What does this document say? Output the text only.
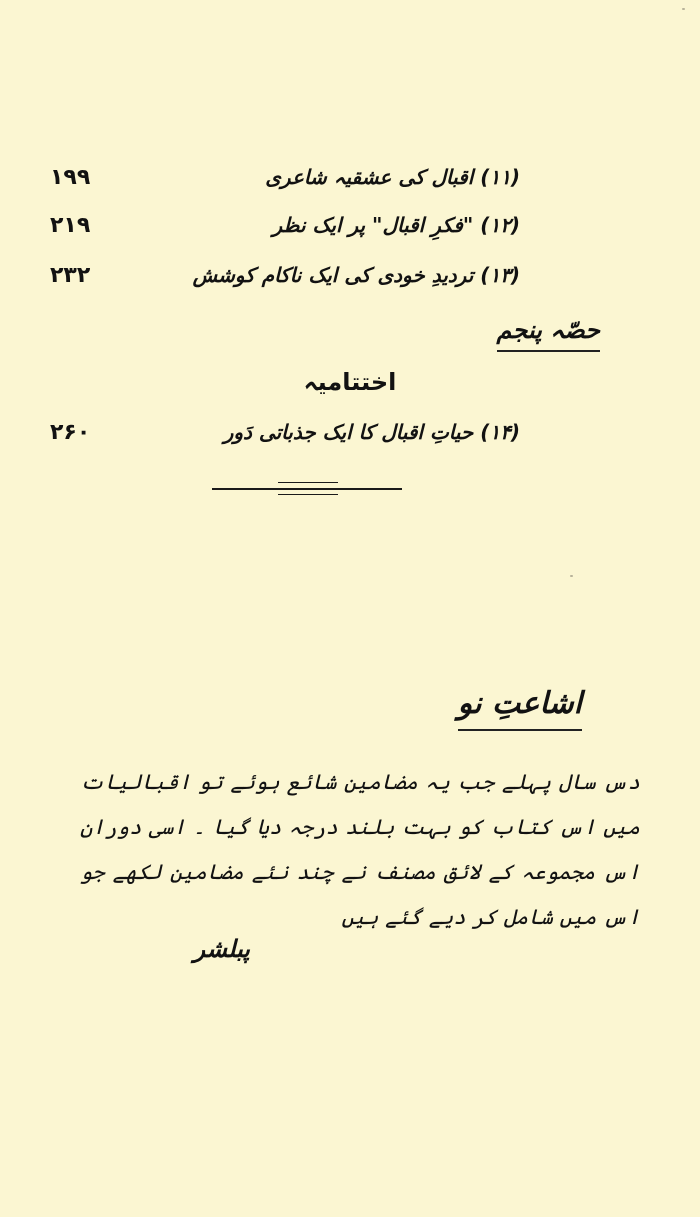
(۱۱) اقبال کی عشقیہ شاعری
۱۹۹
(۱۲) "فکرِ اقبال" پر ایک نظر
۲۱۹
(۱۳) تردیدِ خودی کی ایک ناکام کوشش
۲۳۲
حصّہ پنجم
اختتامیہ
(۱۴) حیاتِ اقبال کا ایک جذباتی دَور
۲۶۰
اشاعتِ نو
دس سال پہلے جب یہ مضامین شائع ہوئے تو اقبالیات میں اس کتاب کو بہت بلند درجہ دیا گیا ۔ اسی دوران اس مجموعہ کے لائق مصنف نے چند نئے مضامین لکھے جو اس میں شامل کر دیے گئے ہیں
پبلشر
